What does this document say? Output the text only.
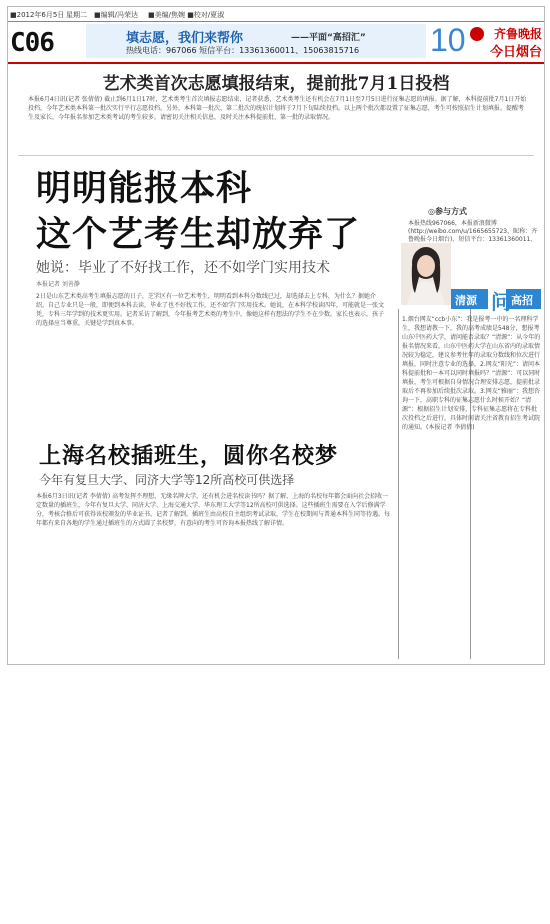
■2012年6月5日 星期二 ■编辑/冯荣达 ■美编/焦婉 ■校对/夏淑
C06	填志愿，我们来帮你	——平面“高招汇”
热线电话：967066 短信平台：13361360011、15063815716 10 齐鲁晚报
今日烟台
艺术类首次志愿填报结束，提前批7月1日投档
本报6月4日讯(记者 张倩倩) 截止到6月1日17时，艺术类考生首次填报志愿结束，记者获悉，艺术类考生还有机会在7月1日至7月5日进行征集志愿的填报。据了解，本科提前批7月1日开始投档，今年艺术类本科第一批次实行平行志愿投档。另外，本科第一批次、第二批次的统招计划将于7月下旬陆续投档。以上两个批次都设置了征集志愿，考生可按照招生计划填报。提醒考生及家长，今年报名参加艺术类考试的考生较多，请密切关注相关信息，及时关注本科提前批、第一批的录取情况。
明明能报本科
这个艺考生却放弃了
她说：毕业了不好找工作，还不如学门实用技术
本报记者 刘善静
2日是山东艺术类高考生填报志愿的日子，芝罘区有一位艺术考生，明明看到本科分数线已过，却选择去上专科，为什么？据她介绍，自己专业只是一般，即便到本科去读，毕业了也不好找工作，还不如学门实用技术。她说，在本科学校读四年，可能就是一张文凭，专科三年学到的技术更实用。记者采访了解到，今年报考艺术类的考生中，像她这样有想法的学生不在少数。家长也表示，孩子的选择应当尊重，关键是学到真本事。
◎参与方式
本报热线967066，本报新浪微博(http://weibo.com/u/1665655723，昵称：齐鲁晚报今日烟台)、短信平台：13361360011、
清源 问 高招
1.烟台网友“ccb小东”：我是报考一中的一名理科学生，我想请教一下，我的高考成绩是548分，想报考山东中医药大学，请问能否录取？“清源”：从今年的报名情况来看，山东中医药大学在山东省内的录取情况较为稳定，建议参考往年的录取分数线和位次进行填报，同时注意专业的选择。2.网友“阳光”：请问本科提前批和一本可以同时填报吗？“清源”：可以同时填报，考生可根据自身情况合理安排志愿，提前批录取后不再参加后续批次录取。3.网友“雅丽”：我想咨询一下，高职专科的征集志愿什么时候开始？“清源”：根据招生计划安排，专科征集志愿将在专科批次投档之后进行，具体时间请关注省教育招生考试院的通知。(本报记者 李倩倩)
上海名校插班生，圆你名校梦
今年有复旦大学、同济大学等12所高校可供选择
本报6月3日讯(记者 李倩倩) 高考发挥不理想，无缘名牌大学，还有机会进名校读书吗？据了解，上海的名校每年都会面向社会招收一定数量的插班生，今年有复旦大学、同济大学、上海交通大学、华东理工大学等12所高校可供选择。这些插班生需要在入学后修满学分，考核合格后可获得该校颁发的毕业证书。记者了解到，插班生由高校自主组织考试录取，学生在校期间与普通本科生同等待遇。每年都有来自各地的学生通过插班生的方式圆了名校梦，有意向的考生可咨询本报热线了解详情。
